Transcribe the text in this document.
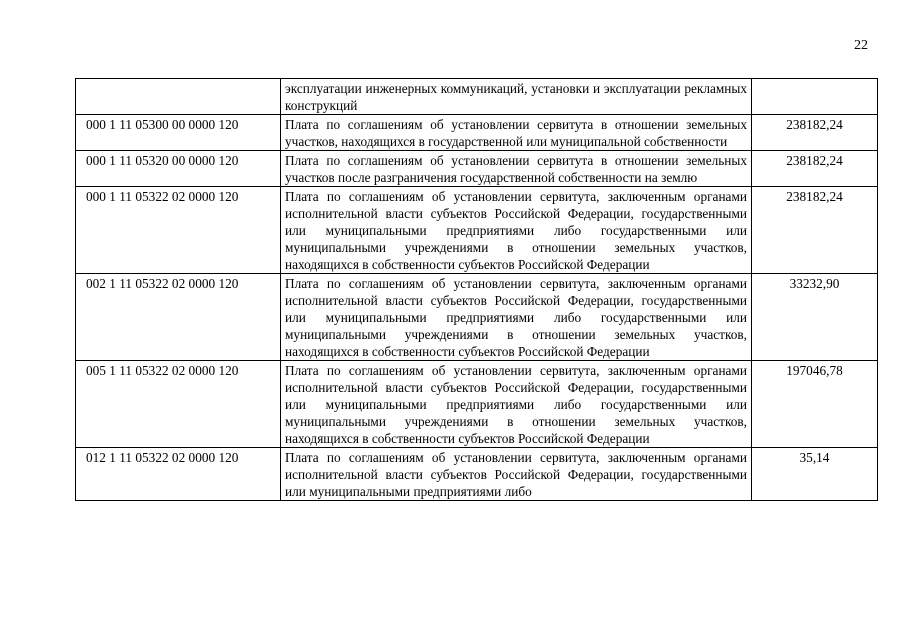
22
	эксплуатации инженерных коммуникаций, установки и эксплуатации рекламных конструкций	
000 1 11 05300 00 0000 120	Плата по соглашениям об установлении сервитута в отношении земельных участков, находящихся в государственной или муниципальной собственности	238182,24
000 1 11 05320 00 0000 120	Плата по соглашениям об установлении сервитута в отношении земельных участков после разграничения государственной собственности на землю	238182,24
000 1 11 05322 02 0000 120	Плата по соглашениям об установлении сервитута, заключенным органами исполнительной власти субъектов Российской Федерации, государственными или муниципальными предприятиями либо государственными или муниципальными учреждениями в отношении земельных участков, находящихся в собственности субъектов Российской Федерации	238182,24
002 1 11 05322 02 0000 120	Плата по соглашениям об установлении сервитута, заключенным органами исполнительной власти субъектов Российской Федерации, государственными или муниципальными предприятиями либо государственными или муниципальными учреждениями в отношении земельных участков, находящихся в собственности субъектов Российской Федерации	33232,90
005 1 11 05322 02 0000 120	Плата по соглашениям об установлении сервитута, заключенным органами исполнительной власти субъектов Российской Федерации, государственными или муниципальными предприятиями либо государственными или муниципальными учреждениями в отношении земельных участков, находящихся в собственности субъектов Российской Федерации	197046,78
012 1 11 05322 02 0000 120	Плата по соглашениям об установлении сервитута, заключенным органами исполнительной власти субъектов Российской Федерации, государственными или муниципальными предприятиями либо	35,14
